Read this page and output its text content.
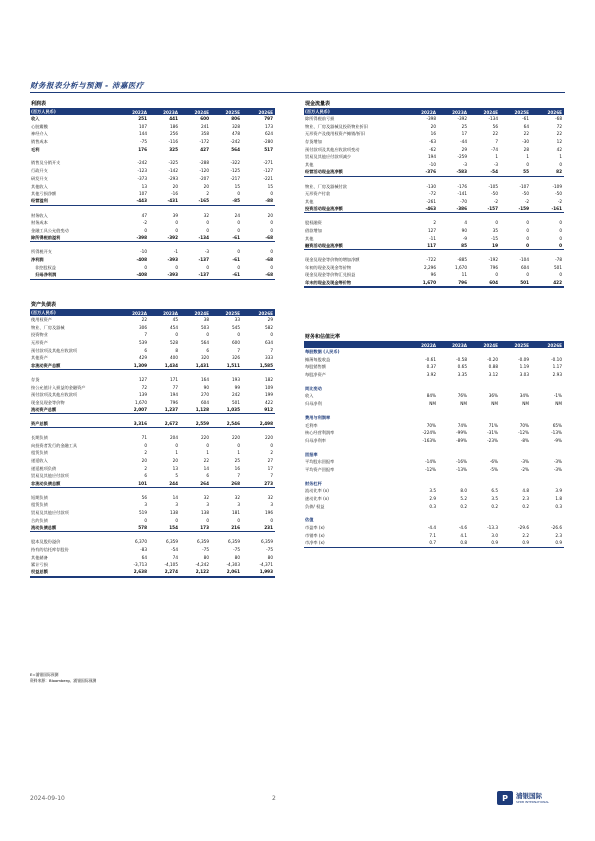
财务报表分析与预测 - 沛嘉医疗
利润表
(百万人民币)	2022A	2023A	2024E	2025E	2026E
收入	251	441	600	806	797
心脏瓣膜	107	186	241	328	173
神经介入	144	256	358	478	624
销售成本	-75	-116	-172	-242	-280
毛利	176	325	427	564	517
销售及分销开支	-242	-325	-288	-322	-271
行政开支	-123	-142	-120	-125	-127
研发开支	-373	-293	-207	-217	-221
其他收入	13	20	20	15	15
其他亏损净额	107	-16	2	0	0
经营溢利	-443	-431	-165	-85	-88
财务收入	47	39	32	24	20
财务成本	-2	0	0	0	0
金融工具公允值变动	0	0	0	0	0
除所得税前溢利	-398	-392	-134	-61	-68
所得税开支	-10	-1	-3	0	0
净利润	-408	-393	-137	-61	-68
非控股权益	0	0	0	0	0
归母净利润	-408	-393	-137	-61	-68
资产负债表
(百万人民币)	2022A	2023A	2024E	2025E	2026E
使用权资产	22	45	38	33	29
物业、厂房及器械	306	454	503	545	582
投资物业	7	0	0	0	0
无形资产	539	528	564	600	634
预付款项及其他应收款项	6	8	6	7	7
其他资产	429	400	320	326	333
非流动资产总额	1,309	1,434	1,431	1,511	1,585
存货	127	171	164	193	182
按公允值计入损益的金融资产	72	77	90	99	109
预付款项及其他应收款项	139	194	270	242	199
现金及现金等价物	1,670	796	604	501	422
流动资产总额	2,007	1,237	1,128	1,035	912
资产总额	3,316	2,672	2,559	2,546	2,498
长期负债	71	204	220	220	220
向投资者发行的金融工具	0	0	0	0	0
租赁负债	2	1	1	1	2
递延收入	20	20	22	25	27
递延税项负债	2	13	14	16	17
贸易及其他应付款项	6	5	6	7	7
非流动负债总额	101	244	264	268	273
短期负债	56	14	32	32	32
租赁负债	3	3	3	3	3
贸易及其他应付款项	519	138	138	181	196
合约负债	0	0	0	0	0
流动负债总额	578	154	173	216	231
股本及股份溢价	6,370	6,359	6,359	6,359	6,359
持有的信托库存股份	-83	-54	-75	-75	-75
其他储备	64	74	80	80	80
累计亏损	-3,713	-4,105	-4,242	-4,303	-4,371
权益总额	2,638	2,274	2,122	2,061	1,993
现金流量表
(百万人民币)	2022A	2023A	2024E	2025E	2026E
除所得税前亏损	-398	-392	-134	-61	-68
物业、厂房及器械及投资物业折旧	20	25	56	64	72
无形资产及使用权资产摊销/折旧	16	17	22	22	22
存货增加	-63	-44	7	-30	12
预付款项及其他应收款项变动	-62	29	-74	28	42
贸易及其他应付款项减少	194	-259	1	1	1
其他	-10	-3	-3	0	0
经营活动现金流净额	-376	-583	-54	55	82
物业、厂房及器械付款	-130	-176	-105	-107	-109
无形资产付款	-72	-141	-50	-50	-50
其他	-261	-70	-2	-2	-2
投资活动现金流净额	-463	-386	-157	-159	-161
股权融资	2	4	0	0	0
借款增加	127	90	35	0	0
其他	-11	-9	-15	0	0
融资活动现金流净额	117	85	19	0	0
现金及现金等价物的增加净额	-722	-885	-192	-104	-78
年初的现金及现金等价物	2,296	1,670	796	604	501
现金及现金等价物汇兑损益	96	11	0	0	0
年末的现金及现金等价物	1,670	796	604	501	422
财务和估值比率
2022A	2023A	2024E	2025E	2026E
每股数据 (人民币)
摊薄每股收益	-0.61	-0.58	-0.20	-0.09	-0.10
每股销售额	0.37	0.65	0.88	1.19	1.17
每股净资产	3.92	3.35	3.12	3.03	2.93
同比变动
收入	84%	76%	36%	34%	-1%
归母净利	NM	NM	NM	NM	NM
费用与利润率
毛利率	70%	74%	71%	70%	65%
核心经营利润率	-224%	-99%	-31%	-12%	-13%
归母净利率	-163%	-89%	-23%	-8%	-9%
回报率
平均股东回报率	-14%	-16%	-6%	-3%	-3%
平均资产回报率	-12%	-13%	-5%	-2%	-3%
财务杠杆
流动比率 (x)	3.5	8.0	6.5	4.8	3.9
速动比率 (x)	2.9	5.2	3.5	2.3	1.8
负债/ 权益	0.3	0.2	0.2	0.2	0.3
估值
市盈率 (x)	-4.4	-4.6	-13.3	-29.6	-26.6
市销率 (x)	7.1	4.1	3.0	2.2	2.3
市净率 (x)	0.7	0.8	0.9	0.9	0.9
E=浦银国际预测
资料来源：Bloomberg、浦银国际预测
2024-09-10	2	P	浦银国际
SPDB INTERNATIONAL
